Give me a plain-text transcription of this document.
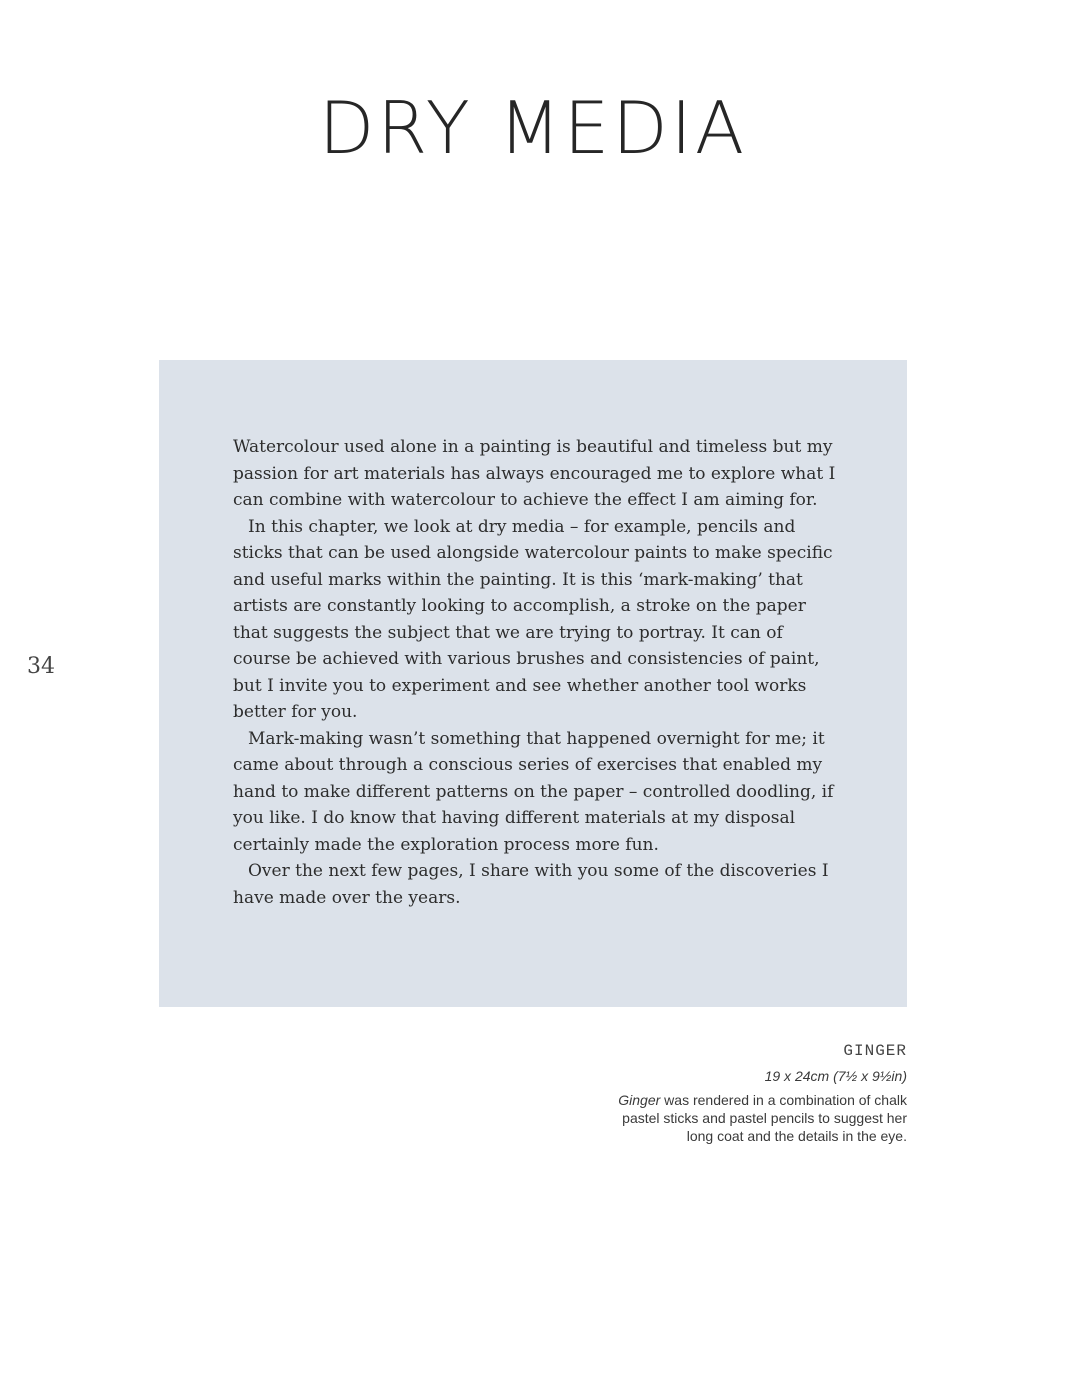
DRY MEDIA
34

Watercolour used alone in a painting is beautiful and timeless but my passion for art materials has always encouraged me to explore what I can combine with watercolour to achieve the effect I am aiming for.

In this chapter, we look at dry media – for example, pencils and sticks that can be used alongside watercolour paints to make specific and useful marks within the painting. It is this ‘mark-making’ that artists are constantly looking to accomplish, a stroke on the paper that suggests the subject that we are trying to portray. It can of course be achieved with various brushes and consistencies of paint, but I invite you to experiment and see whether another tool works better for you.

Mark-making wasn’t something that happened overnight for me; it came about through a conscious series of exercises that enabled my hand to make different patterns on the paper – controlled doodling, if you like. I do know that having different materials at my disposal certainly made the exploration process more fun.

Over the next few pages, I share with you some of the discoveries I have made over the years.

GINGER
19 x 24cm (7½ x 9½in)

Ginger was rendered in a combination of chalk pastel sticks and pastel pencils to suggest her long coat and the details in the eye.
